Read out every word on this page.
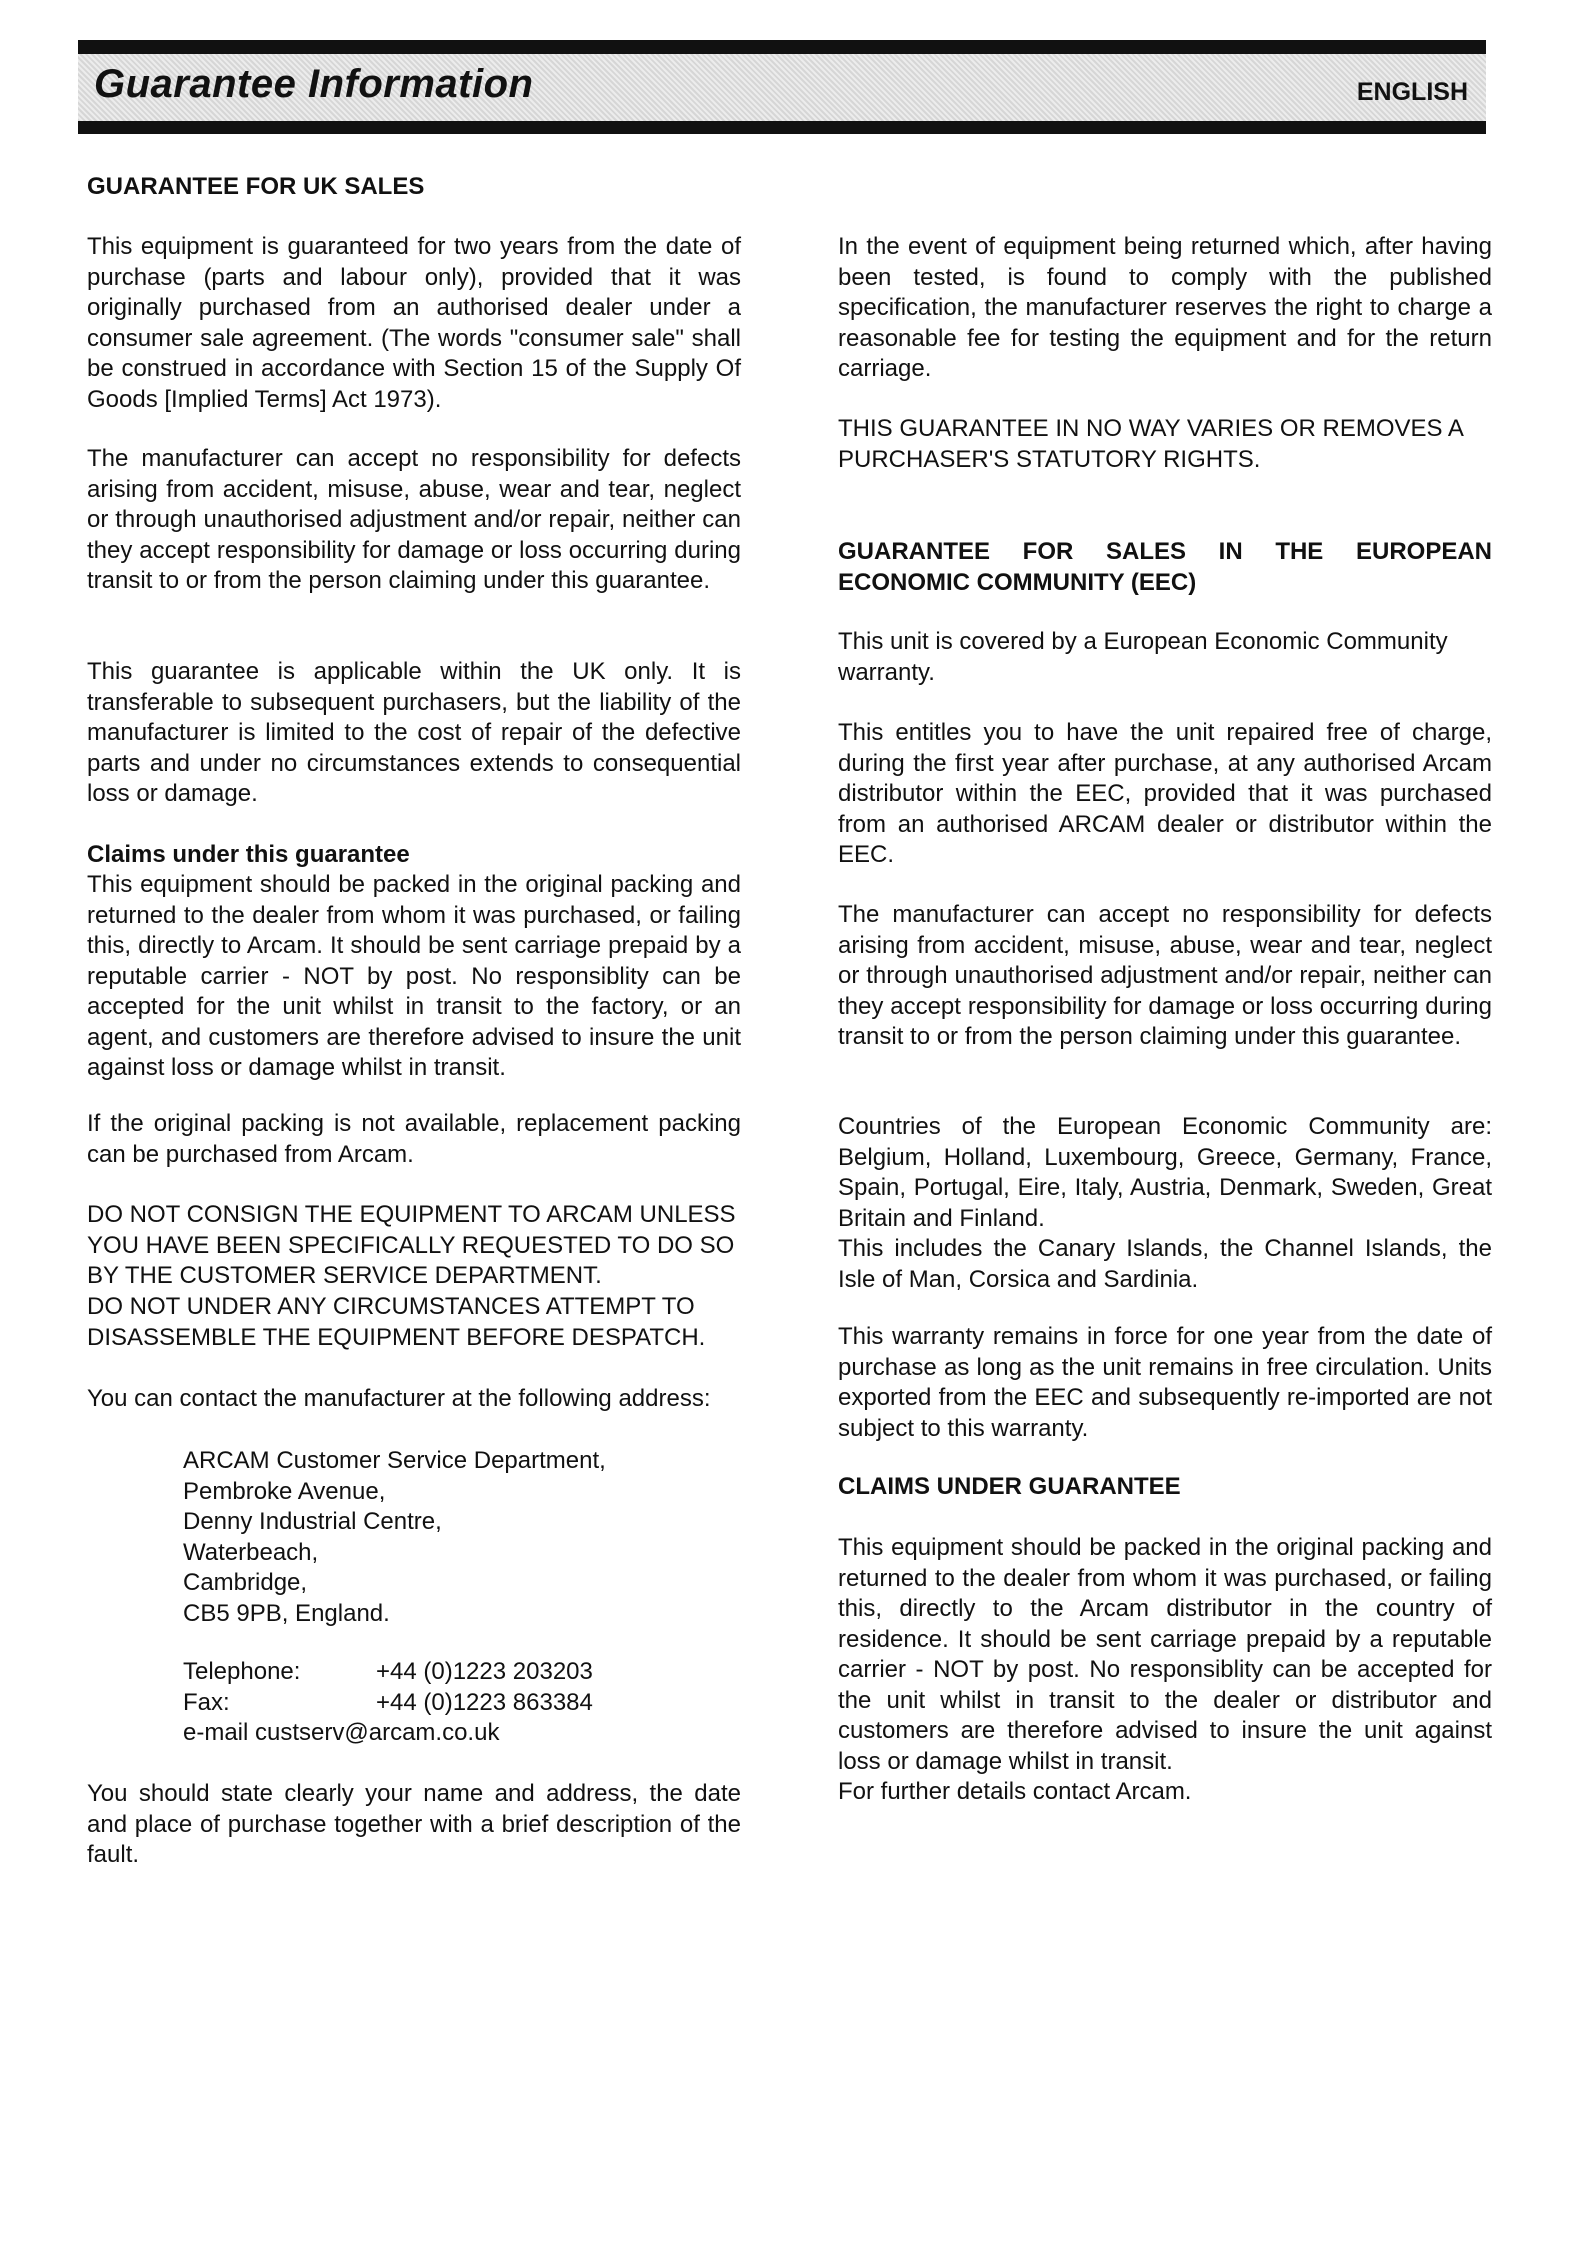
Guarantee Information	ENGLISH
GUARANTEE FOR UK SALES

This equipment is guaranteed for two years from the date of purchase (parts and labour only), provided that it was originally purchased from an authorised dealer under a consumer sale agreement. (The words "consumer sale" shall be construed in accordance with Section 15 of the Supply Of Goods [Implied Terms] Act 1973).

The manufacturer can accept no responsibility for defects arising from accident, misuse, abuse, wear and tear, neglect or through unauthorised adjustment and/or repair, neither can they accept responsibility for damage or loss occurring during transit to or from the person claiming under this guarantee.

This guarantee is applicable within the UK only. It is transferable to subsequent purchasers, but the liability of the manufacturer is limited to the cost of repair of the defective parts and under no circumstances extends to consequential loss or damage.

Claims under this guarantee

This equipment should be packed in the original packing and returned to the dealer from whom it was purchased, or failing this, directly to Arcam. It should be sent carriage prepaid by a reputable carrier - NOT by post. No responsiblity can be accepted for the unit whilst in transit to the factory, or an agent, and customers are therefore advised to insure the unit against loss or damage whilst in transit.

If the original packing is not available, replacement packing can be purchased from Arcam.

DO NOT CONSIGN THE EQUIPMENT TO ARCAM UNLESS YOU HAVE BEEN SPECIFICALLY REQUESTED TO DO SO BY THE CUSTOMER SERVICE DEPARTMENT.

DO NOT UNDER ANY CIRCUMSTANCES ATTEMPT TO DISASSEMBLE THE EQUIPMENT BEFORE DESPATCH.

You can contact the manufacturer at the following address:

ARCAM Customer Service Department,
Pembroke Avenue,
Denny Industrial Centre,
Waterbeach,
Cambridge,
CB5 9PB, England.
Telephone:	+44 (0)1223 203203
Fax:	+44 (0)1223 863384
e-mail custserv@arcam.co.uk

You should state clearly your name and address, the date and place of purchase together with a brief description of the fault.

In the event of equipment being returned which, after having been tested, is found to comply with the published specification, the manufacturer reserves the right to charge a reasonable fee for testing the equipment and for the return carriage.

THIS GUARANTEE IN NO WAY VARIES OR REMOVES A PURCHASER'S STATUTORY RIGHTS.

GUARANTEE FOR SALES IN THE EUROPEAN ECONOMIC COMMUNITY (EEC)

This unit is covered by a European Economic Community warranty.

This entitles you to have the unit repaired free of charge, during the first year after purchase, at any authorised Arcam distributor within the EEC, provided that it was purchased from an authorised ARCAM dealer or distributor within the EEC.

The manufacturer can accept no responsibility for defects arising from accident, misuse, abuse, wear and tear, neglect or through unauthorised adjustment and/or repair, neither can they accept responsibility for damage or loss occurring during transit to or from the person claiming under this guarantee.

Countries of the European Economic Community are: Belgium, Holland, Luxembourg, Greece, Germany, France, Spain, Portugal, Eire, Italy, Austria, Denmark, Sweden, Great Britain and Finland.

This includes the Canary Islands, the Channel Islands, the Isle of Man, Corsica and Sardinia.

This warranty remains in force for one year from the date of purchase as long as the unit remains in free circulation. Units exported from the EEC and subsequently re-imported are not subject to this warranty.

CLAIMS UNDER GUARANTEE

This equipment should be packed in the original packing and returned to the dealer from whom it was purchased, or failing this, directly to the Arcam distributor in the country of residence. It should be sent carriage prepaid by a reputable carrier - NOT by post. No responsiblity can be accepted for the unit whilst in transit to the dealer or distributor and customers are therefore advised to insure the unit against loss or damage whilst in transit.

For further details contact Arcam.
